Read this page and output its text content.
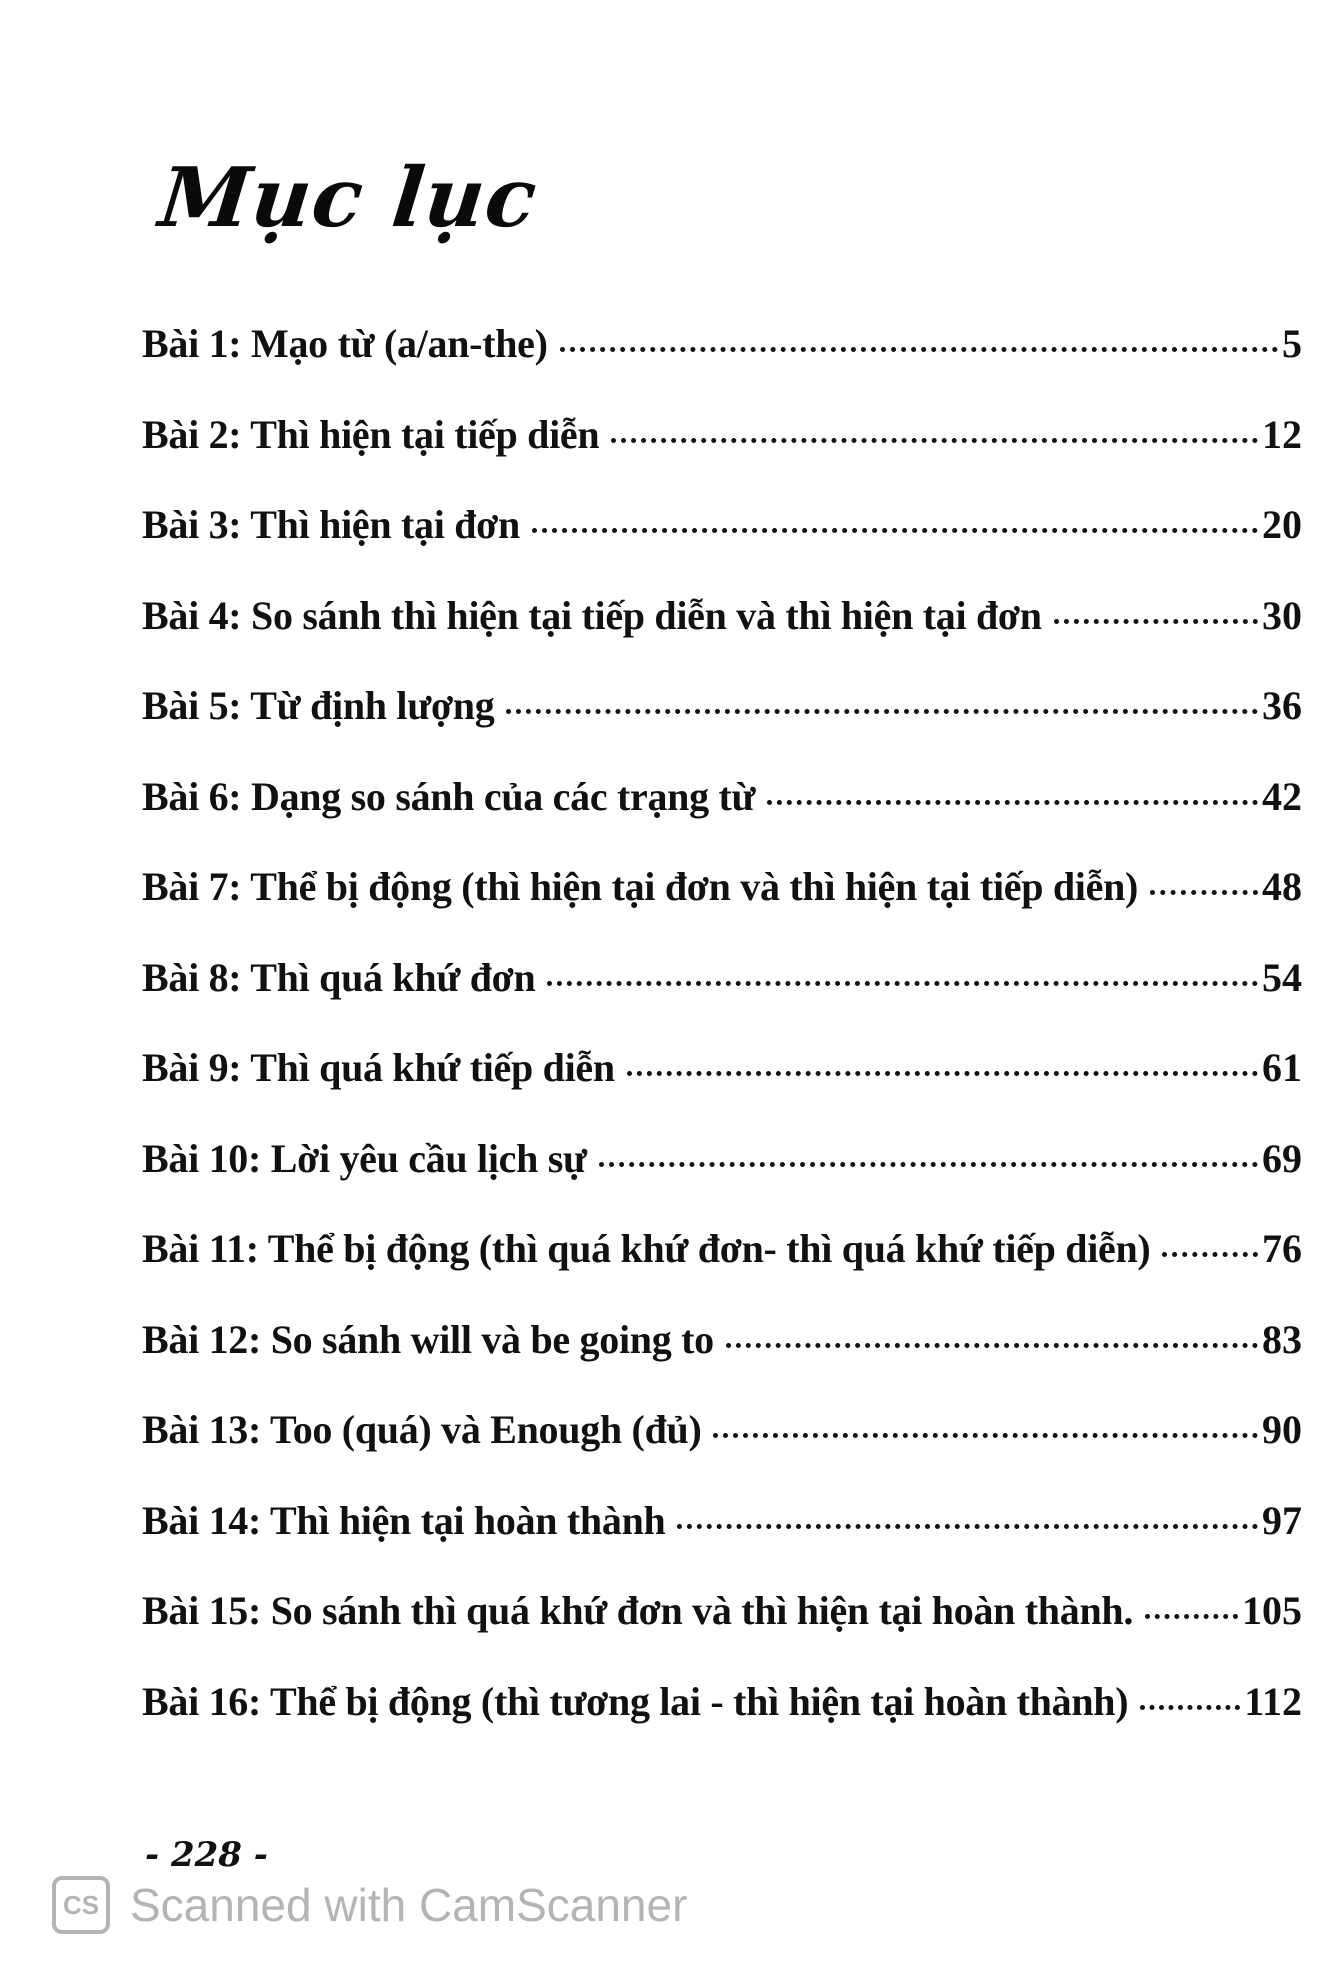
Mục lục
Bài 1: Mạo từ (a/an-the)	5
Bài 2: Thì hiện tại tiếp diễn	12
Bài 3: Thì hiện tại đơn	20
Bài 4: So sánh thì hiện tại tiếp diễn và thì hiện tại đơn	30
Bài 5: Từ định lượng	36
Bài 6: Dạng so sánh của các trạng từ	42
Bài 7: Thể bị động (thì hiện tại đơn và thì hiện tại tiếp diễn)	48
Bài 8: Thì quá khứ đơn	54
Bài 9: Thì quá khứ tiếp diễn	61
Bài 10: Lời yêu cầu lịch sự	69
Bài 11: Thể bị động (thì quá khứ đơn- thì quá khứ tiếp diễn)	76
Bài 12: So sánh will và be going to	83
Bài 13: Too (quá) và Enough (đủ)	90
Bài 14: Thì hiện tại hoàn thành	97
Bài 15: So sánh thì quá khứ đơn và thì hiện tại hoàn thành.	105
Bài 16: Thể bị động (thì tương lai - thì hiện tại hoàn thành)	112
- 228 -
CS Scanned with CamScanner
